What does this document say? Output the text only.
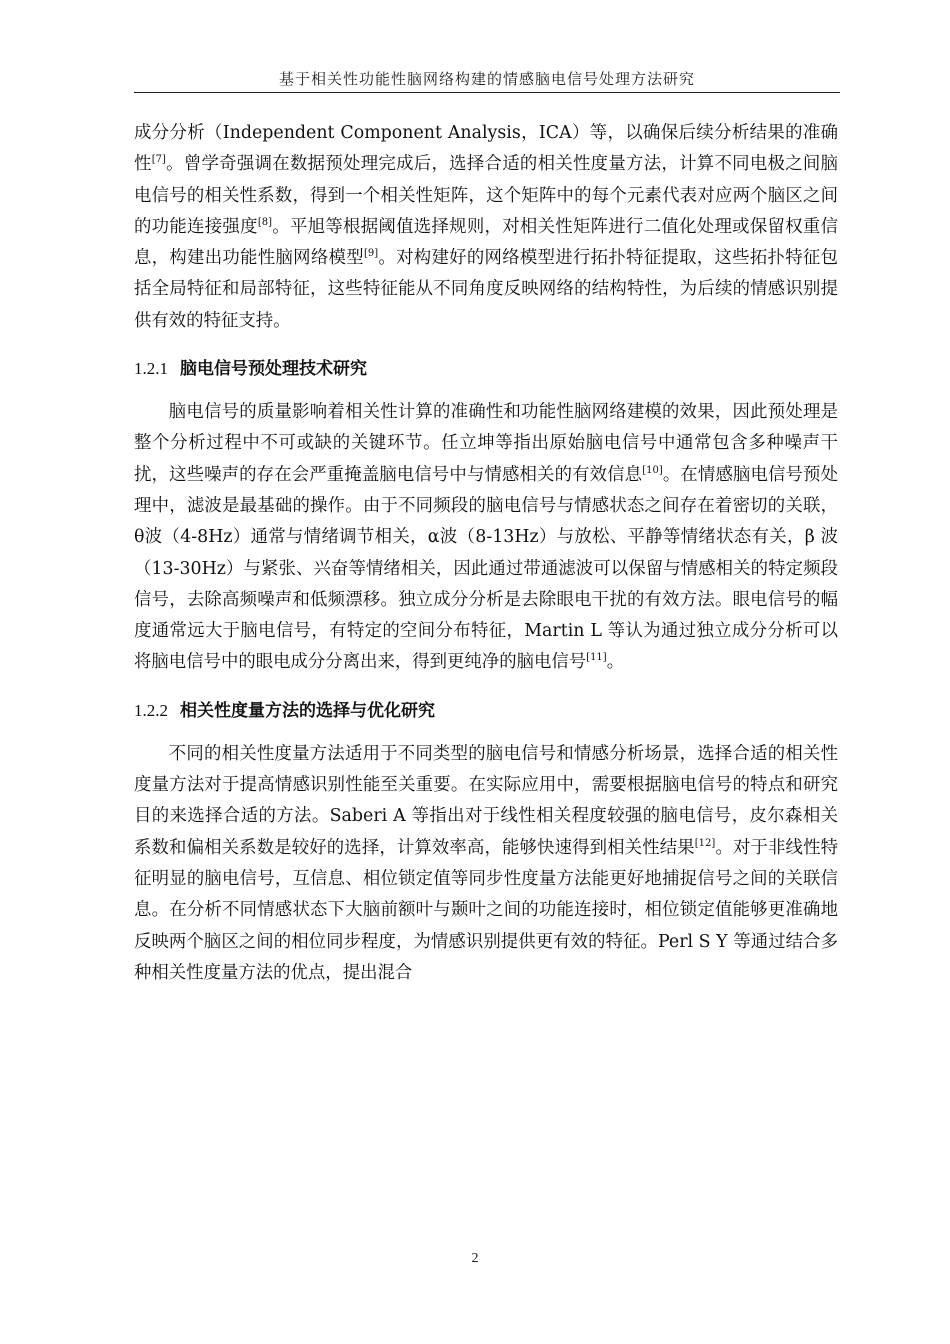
基于相关性功能性脑网络构建的情感脑电信号处理方法研究

成分分析（Independent Component Analysis，ICA）等，以确保后续分析结果的准确性[7]。曾学奇强调在数据预处理完成后，选择合适的相关性度量方法，计算不同电极之间脑电信号的相关性系数，得到一个相关性矩阵，这个矩阵中的每个元素代表对应两个脑区之间的功能连接强度[8]。平旭等根据阈值选择规则，对相关性矩阵进行二值化处理或保留权重信息，构建出功能性脑网络模型[9]。对构建好的网络模型进行拓扑特征提取，这些拓扑特征包括全局特征和局部特征，这些特征能从不同角度反映网络的结构特性，为后续的情感识别提供有效的特征支持。

1.2.1 脑电信号预处理技术研究

脑电信号的质量影响着相关性计算的准确性和功能性脑网络建模的效果，因此预处理是整个分析过程中不可或缺的关键环节。任立坤等指出原始脑电信号中通常包含多种噪声干扰，这些噪声的存在会严重掩盖脑电信号中与情感相关的有效信息[10]。在情感脑电信号预处理中，滤波是最基础的操作。由于不同频段的脑电信号与情感状态之间存在着密切的关联，θ波（4-8Hz）通常与情绪调节相关，α波（8-13Hz）与放松、平静等情绪状态有关，β 波（13-30Hz）与紧张、兴奋等情绪相关，因此通过带通滤波可以保留与情感相关的特定频段信号，去除高频噪声和低频漂移。独立成分分析是去除眼电干扰的有效方法。眼电信号的幅度通常远大于脑电信号，有特定的空间分布特征，Martin L 等认为通过独立成分分析可以将脑电信号中的眼电成分分离出来，得到更纯净的脑电信号[11]。

1.2.2 相关性度量方法的选择与优化研究

不同的相关性度量方法适用于不同类型的脑电信号和情感分析场景，选择合适的相关性度量方法对于提高情感识别性能至关重要。在实际应用中，需要根据脑电信号的特点和研究目的来选择合适的方法。Saberi A 等指出对于线性相关程度较强的脑电信号，皮尔森相关系数和偏相关系数是较好的选择，计算效率高，能够快速得到相关性结果[12]。对于非线性特征明显的脑电信号，互信息、相位锁定值等同步性度量方法能更好地捕捉信号之间的关联信息。在分析不同情感状态下大脑前额叶与颞叶之间的功能连接时，相位锁定值能够更准确地反映两个脑区之间的相位同步程度，为情感识别提供更有效的特征。Perl S Y 等通过结合多种相关性度量方法的优点，提出混合

2
